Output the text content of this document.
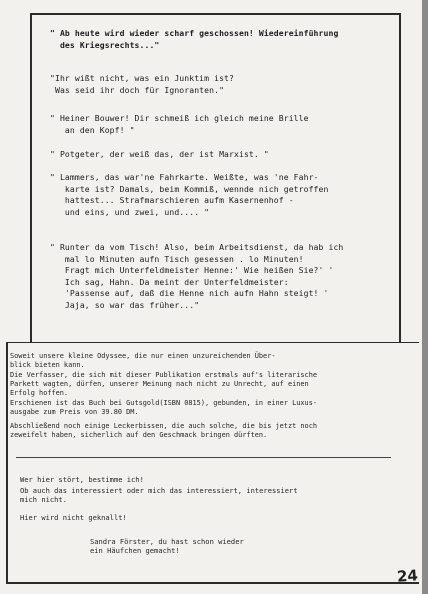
" Ab heute wird wieder scharf geschossen! Wiedereinführung
des Kriegsrechts..."
"Ihr wißt nicht, was ein Junktim ist?
Was seid ihr doch für Ignoranten."
" Heiner Bouwer! Dir schmeiß ich gleich meine Brille
an den Kopf! "
" Potgeter, der weiß das, der ist Marxist. "
" Lammers, das war'ne Fahrkarte. Weißte, was 'ne Fahr-
karte ist? Damals, beim Kommiß, wennde nich getroffen
hattest... Strafmarschieren aufm Kasernenhof -
und eins, und zwei, und.... "
" Runter da vom Tisch! Also, beim Arbeitsdienst, da hab ich
mal lo Minuten aufn Tisch gesessen . lo Minuten!
Fragt mich Unterfeldmeister Henne:' Wie heißen Sie?' '
Ich sag, Hahn. Da meint der Unterfeldmeister:
'Passense auf, daß die Henne nich aufn Hahn steigt! '
Jaja, so war das früher..."
Soweit unsere kleine Odyssee, die nur einen unzureichenden Über-
blick bieten kann.
Die Verfasser, die sich mit dieser Publikation erstmals auf's literarische
Parkett wagten, dürfen, unserer Meinung nach nicht zu Unrecht, auf einen
Erfolg hoffen.
Erschienen ist das Buch bei Gutsgold(ISBN 0815), gebunden, in einer Luxus-
ausgabe zum Preis von 39.80 DM.
Abschließend noch einige Leckerbissen, die auch solche, die bis jetzt noch
zeweifelt haben, sicherlich auf den Geschmack bringen dürften.
Wer hier stört, bestimme ich!
Ob auch das interessiert oder mich das interessiert, interessiert
mich nicht.
Hier wird nicht geknallt!
Sandra Förster, du hast schon wieder
ein Häufchen gemacht!
24
